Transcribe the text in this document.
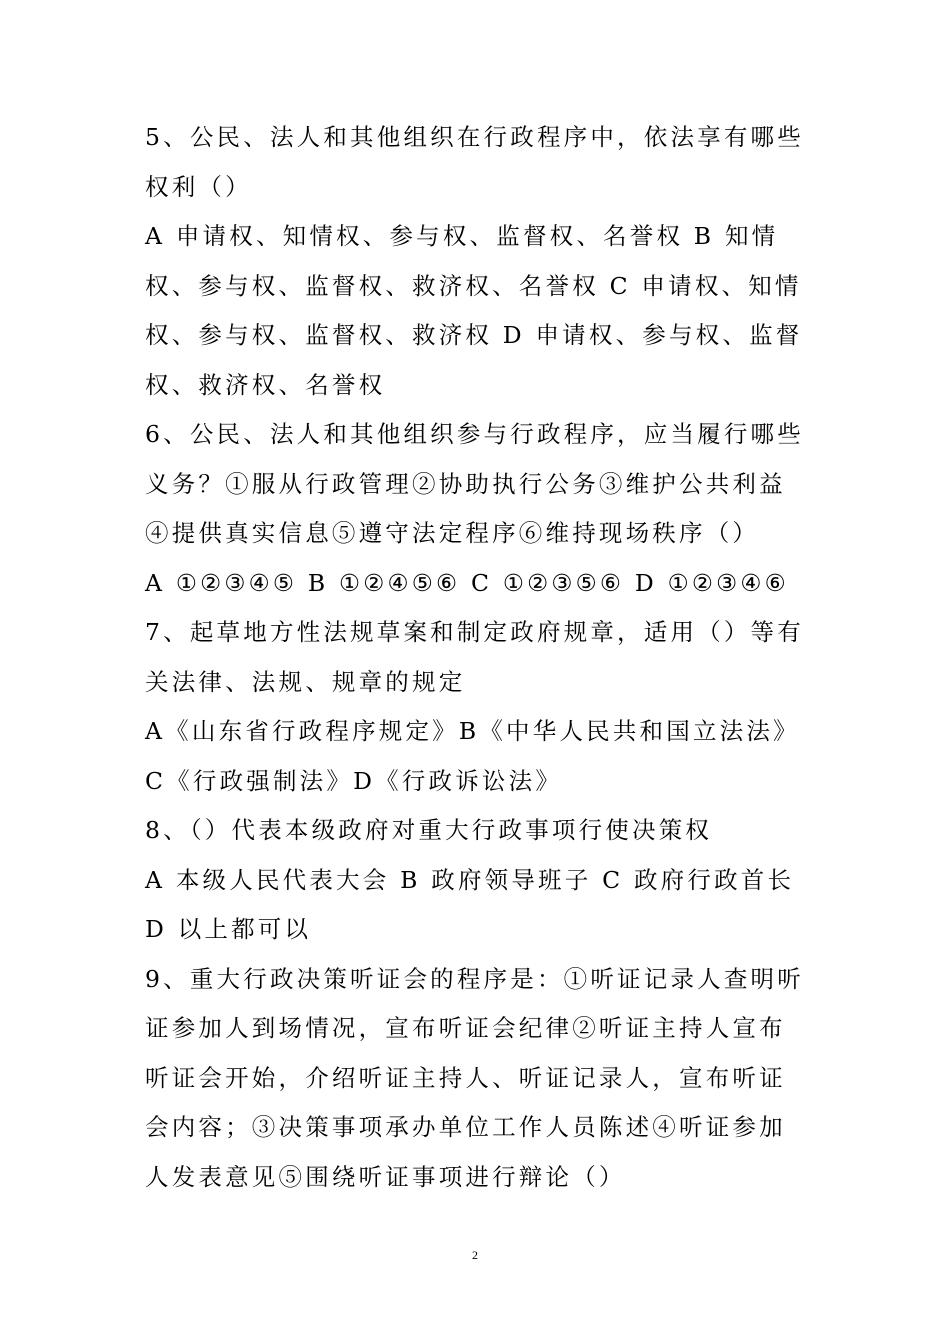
5、公民、法人和其他组织在行政程序中，依法享有哪些权利（）

A 申请权、知情权、参与权、监督权、名誉权 B 知情权、参与权、监督权、救济权、名誉权 C 申请权、知情权、参与权、监督权、救济权 D 申请权、参与权、监督权、救济权、名誉权

6、公民、法人和其他组织参与行政程序，应当履行哪些义务？①服从行政管理②协助执行公务③维护公共利益④提供真实信息⑤遵守法定程序⑥维持现场秩序（）

A ①②③④⑤ B ①②④⑤⑥ C ①②③⑤⑥ D ①②③④⑥

7、起草地方性法规草案和制定政府规章，适用（）等有关法律、法规、规章的规定

A《山东省行政程序规定》B《中华人民共和国立法法》C《行政强制法》D《行政诉讼法》

8、（）代表本级政府对重大行政事项行使决策权

A 本级人民代表大会 B 政府领导班子 C 政府行政首长 D 以上都可以

9、重大行政决策听证会的程序是：①听证记录人查明听证参加人到场情况，宣布听证会纪律②听证主持人宣布听证会开始，介绍听证主持人、听证记录人，宣布听证会内容；③决策事项承办单位工作人员陈述④听证参加人发表意见⑤围绕听证事项进行辩论（）

2
